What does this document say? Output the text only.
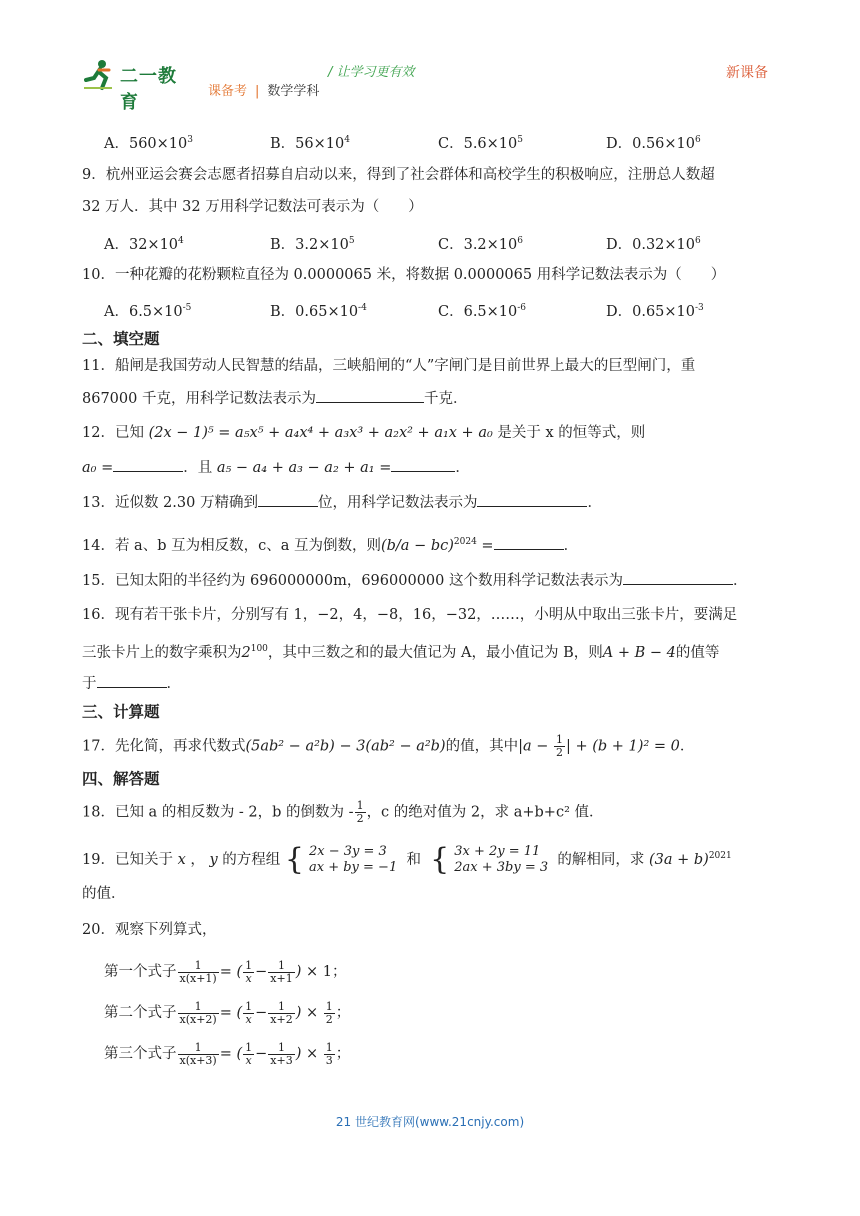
二一教育
/ 让学习更有效	新课备
课备考 | 数学学科
A．$560\times 10^3$	B．$56\times 10^4$	C．$5.6\times 10^5$	D．$0.56\times 10^6$
9．杭州亚运会赛会志愿者招募自启动以来，得到了社会群体和高校学生的积极响应，注册总人数超
32 万人．其中 32 万用科学记数法可表示为（　　）
A．$32\times 10^4$	B．$3.2\times 10^5$	C．$3.2\times 10^6$	D．$0.32\times 10^6$
10．一种花瓣的花粉颗粒直径为 0.0000065 米，将数据 0.0000065 用科学记数法表示为（　　）
A．$6.5\times 10^{-5}$	B．$0.65\times 10^{-4}$	C．$6.5\times 10^{-6}$	D．$0.65\times 10^{-3}$
二、填空题
11．船闸是我国劳动人民智慧的结晶，三峡船闸的“人”字闸门是目前世界上最大的巨型闸门，重
867000 千克，用科学记数法表示为	千克．
12．已知 (2x − 1)⁵ = a₅x⁵ + a₄x⁴ + a₃x³ + a₂x² + a₁x + a₀ 是关于 x 的恒等式，则
a₀ =	．且 a₅ − a₄ + a₃ − a₂ + a₁ =	．
13．近似数 2.30 万精确到	位，用科学记数法表示为	．
14．若 a、b 互为相反数，c、a 互为倒数，则(b/a − bc)$^{2024}$ =	．
15．已知太阳的半径约为 696000000m，696000000 这个数用科学记数法表示为	．
16．现有若干张卡片，分别写有 1，−2，4，−8，16，−32，……，小明从中取出三张卡片，要满足
三张卡片上的数字乘积为$2^{100}$，其中三数之和的最大值记为 A，最小值记为 B，则A + B − 4的值等
于	．
三、计算题
17．先化简，再求代数式(5ab² − a²b) − 3(ab² − a²b)的值，其中$|a - \frac{1}{2}$ | + (b + 1)² = 0．
四、解答题
18．已知 a 的相反数为 - 2，b 的倒数为 - $\frac{1}{2}$ ，c 的绝对值为 2，求 a+b+c² 值．
19．已知关于 x ， y 的方程组 { 2x − 3y = 3
ax + by = −1 和 { 3x + 2y = 11
2ax + 3by = 3 的解相同，求 $(3a + b)^{2021}$
的值．
20．观察下列算式，
第一个式子 $\frac{1}{x(x+1)}$ = ( $\frac{1}{x} - \frac{1}{x+1}$ ) × 1；
第二个式子 $\frac{1}{x(x+2)}$ = ( $\frac{1}{x} - \frac{1}{x+2}$ ) × $\frac{1}{2}$ ；
第三个式子 $\frac{1}{x(x+3)}$ = ( $\frac{1}{x} - \frac{1}{x+3}$ ) × $\frac{1}{3}$ ；
21 世纪教育网(www.21cnjy.com)
